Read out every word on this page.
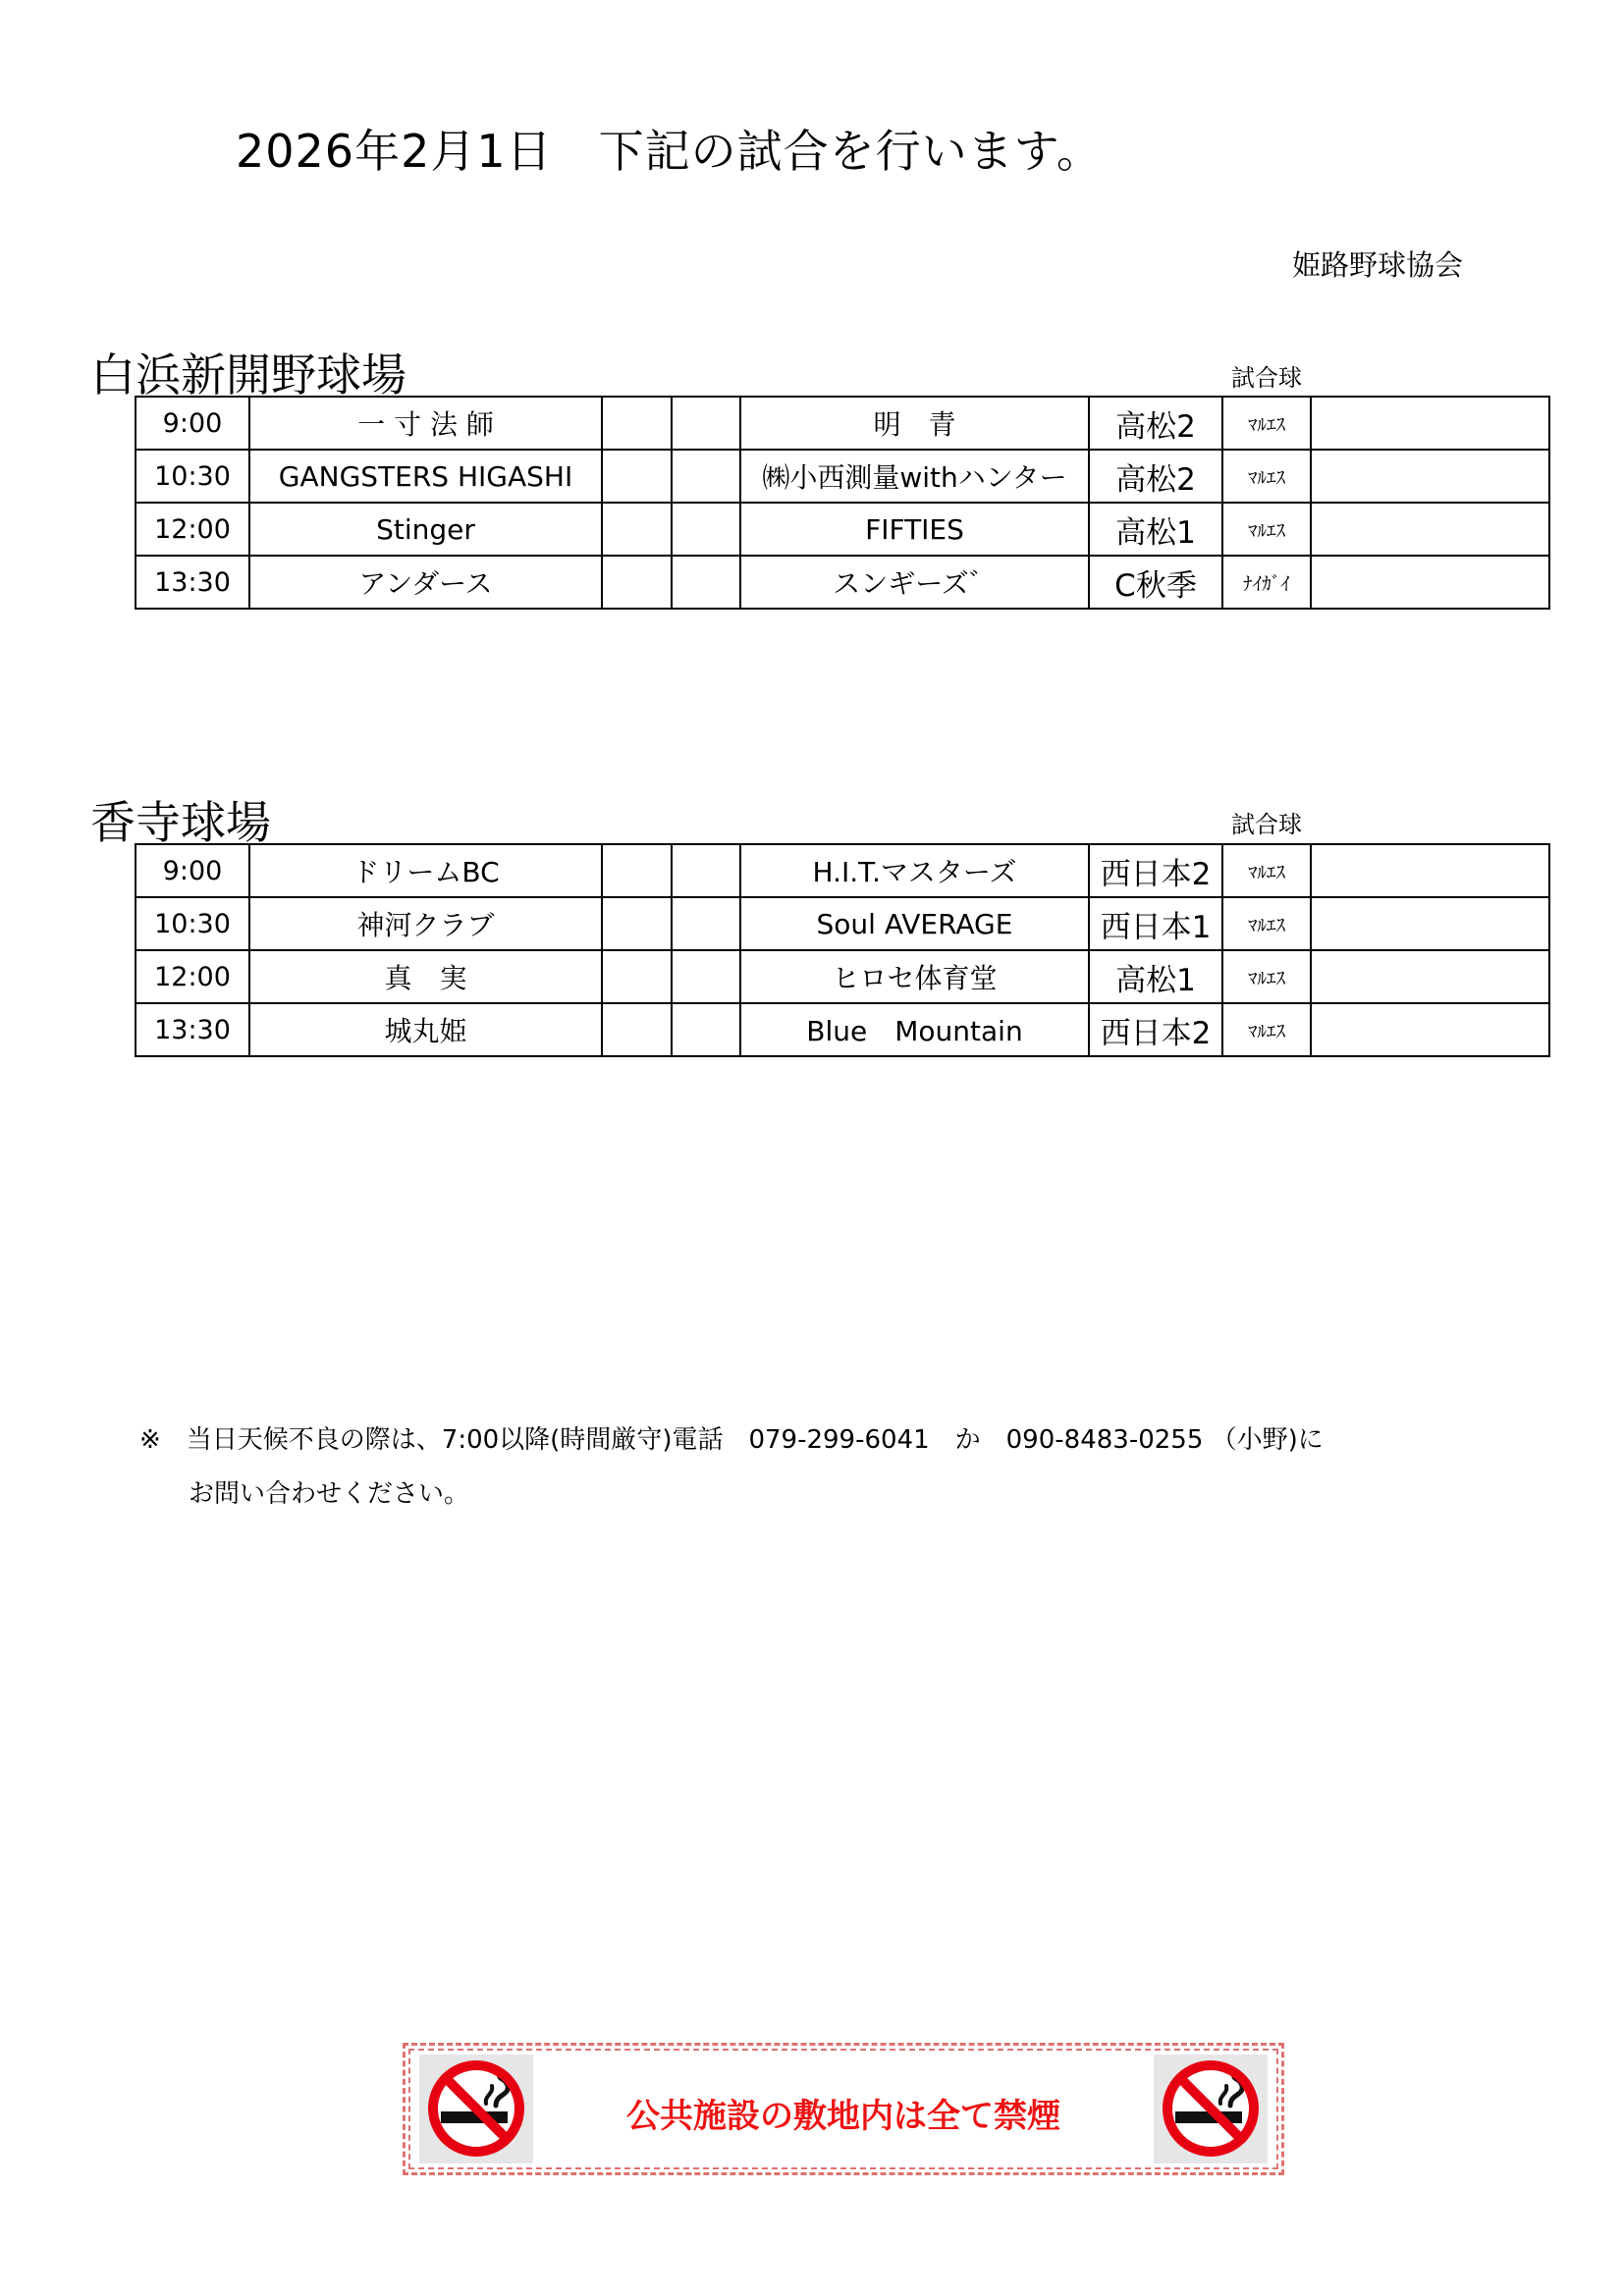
2026年2月1日　下記の試合を行います。
姫路野球協会
白浜新開野球場	試合球
9:00	一 寸 法 師			明　青	高松2	ﾏﾙｴｽ	
10:30	GANGSTERS HIGASHI			㈱小西測量withハンター	高松2	ﾏﾙｴｽ	
12:00	Stinger			FIFTIES	高松1	ﾏﾙｴｽ	
13:30	アンダース			スンギーズ゛	C秋季	ﾅｲｶﾞｲ	
香寺球場	試合球
9:00	ドリームBC			H.I.T.マスターズ	西日本2	ﾏﾙｴｽ	
10:30	神河クラブ			Soul AVERAGE	西日本1	ﾏﾙｴｽ	
12:00	真　実			ヒロセ体育堂	高松1	ﾏﾙｴｽ	
13:30	城丸姫			Blue　Mountain	西日本2	ﾏﾙｴｽ	
※　当日天候不良の際は、7:00以降(時間厳守)電話　079-299-6041　か　090-8483-0255 （小野)に
お問い合わせください。
公共施設の敷地内は全て禁煙
